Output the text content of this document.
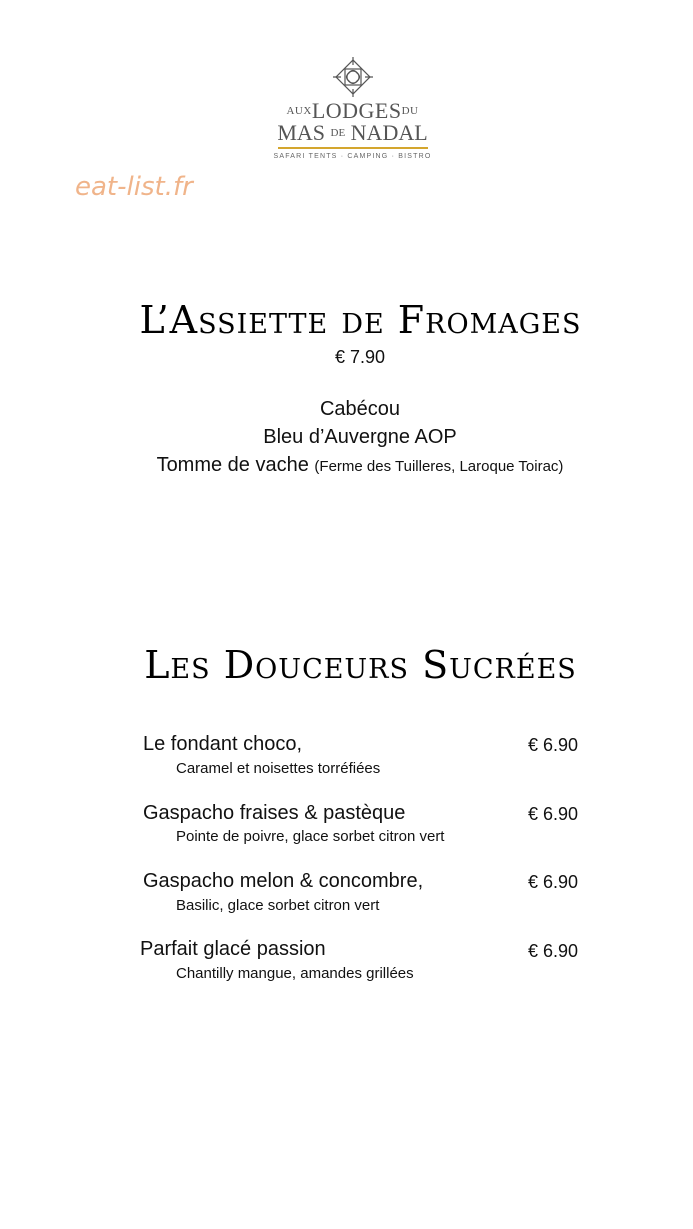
AUXLODGESDU
MAS DE NADAL
SAFARI TENTS · CAMPING · BISTRO
eat-list.fr
L’Assiette de Fromages
€ 7.90
Cabécou
Bleu d’Auvergne AOP
Tomme de vache (Ferme des Tuilleres, Laroque Toirac)
Les Douceurs Sucrées
Le fondant choco,	€ 6.90
Caramel et noisettes torréfiées
Gaspacho fraises & pastèque	€ 6.90
Pointe de poivre, glace sorbet citron vert
Gaspacho melon & concombre,	€ 6.90
Basilic, glace sorbet citron vert
Parfait glacé passion	€ 6.90
Chantilly mangue, amandes grillées
